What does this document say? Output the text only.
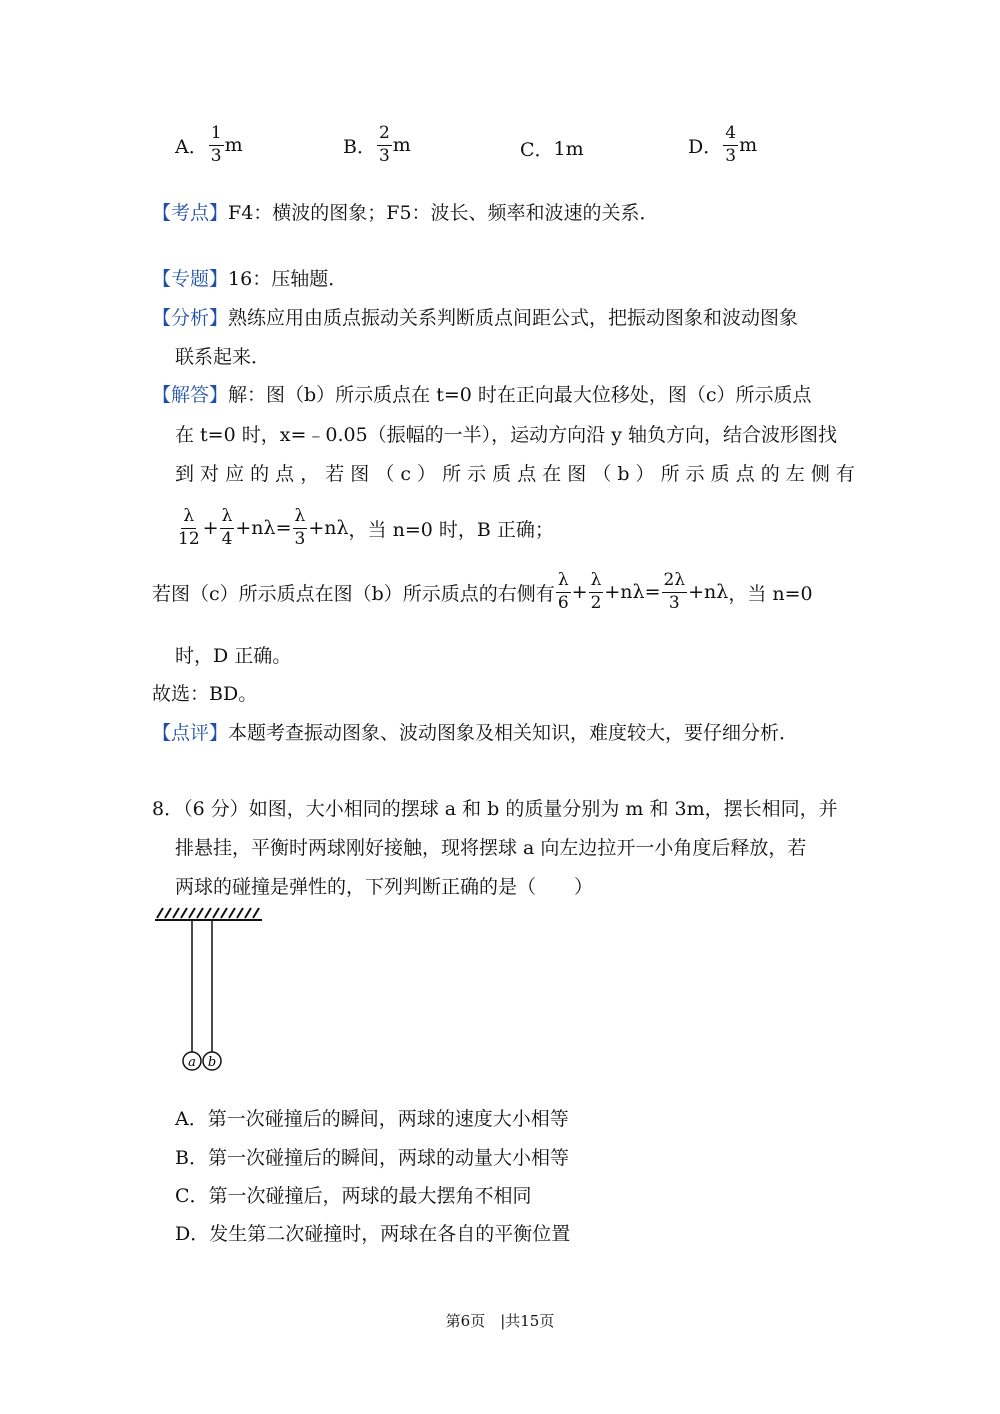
A． $\frac{1}{3}$ m	B． $\frac{2}{3}$ m	C． 1m	D． $\frac{4}{3}$ m
【考点】F4：横波的图象；F5：波长、频率和波速的关系．
【专题】16：压轴题．
【分析】熟练应用由质点振动关系判断质点间距公式，把振动图象和波动图象
联系起来．
【解答】解：图（b）所示质点在 t=0 时在正向最大位移处，图（c）所示质点
在 t=0 时，x=﹣0.05（振幅的一半），运动方向沿 y 轴负方向，结合波形图找
到 对 应 的 点 ， 若 图 （ c ） 所 示 质 点 在 图 （ b ） 所 示 质 点 的 左 侧 有
$\frac{\lambda}{12} + \frac{\lambda}{4} +n\lambda= \frac{\lambda}{3} +n\lambda$ ，当 n=0 时，B 正确；
若图（c）所示质点在图（b）所示质点的右侧有 $\frac{\lambda}{6} + \frac{\lambda}{2} +n\lambda= \frac{2\lambda}{3} +n\lambda$ ，当 n=0
时，D 正确。
故选：BD。
【点评】本题考查振动图象、波动图象及相关知识，难度较大，要仔细分析．
8．（6 分）如图，大小相同的摆球 a 和 b 的质量分别为 m 和 3m，摆长相同，并
排悬挂，平衡时两球刚好接触，现将摆球 a 向左边拉开一小角度后释放，若
两球的碰撞是弹性的，下列判断正确的是（　　）
a b
A．第一次碰撞后的瞬间，两球的速度大小相等
B．第一次碰撞后的瞬间，两球的动量大小相等
C．第一次碰撞后，两球的最大摆角不相同
D．发生第二次碰撞时，两球在各自的平衡位置
第6页　|共15页
